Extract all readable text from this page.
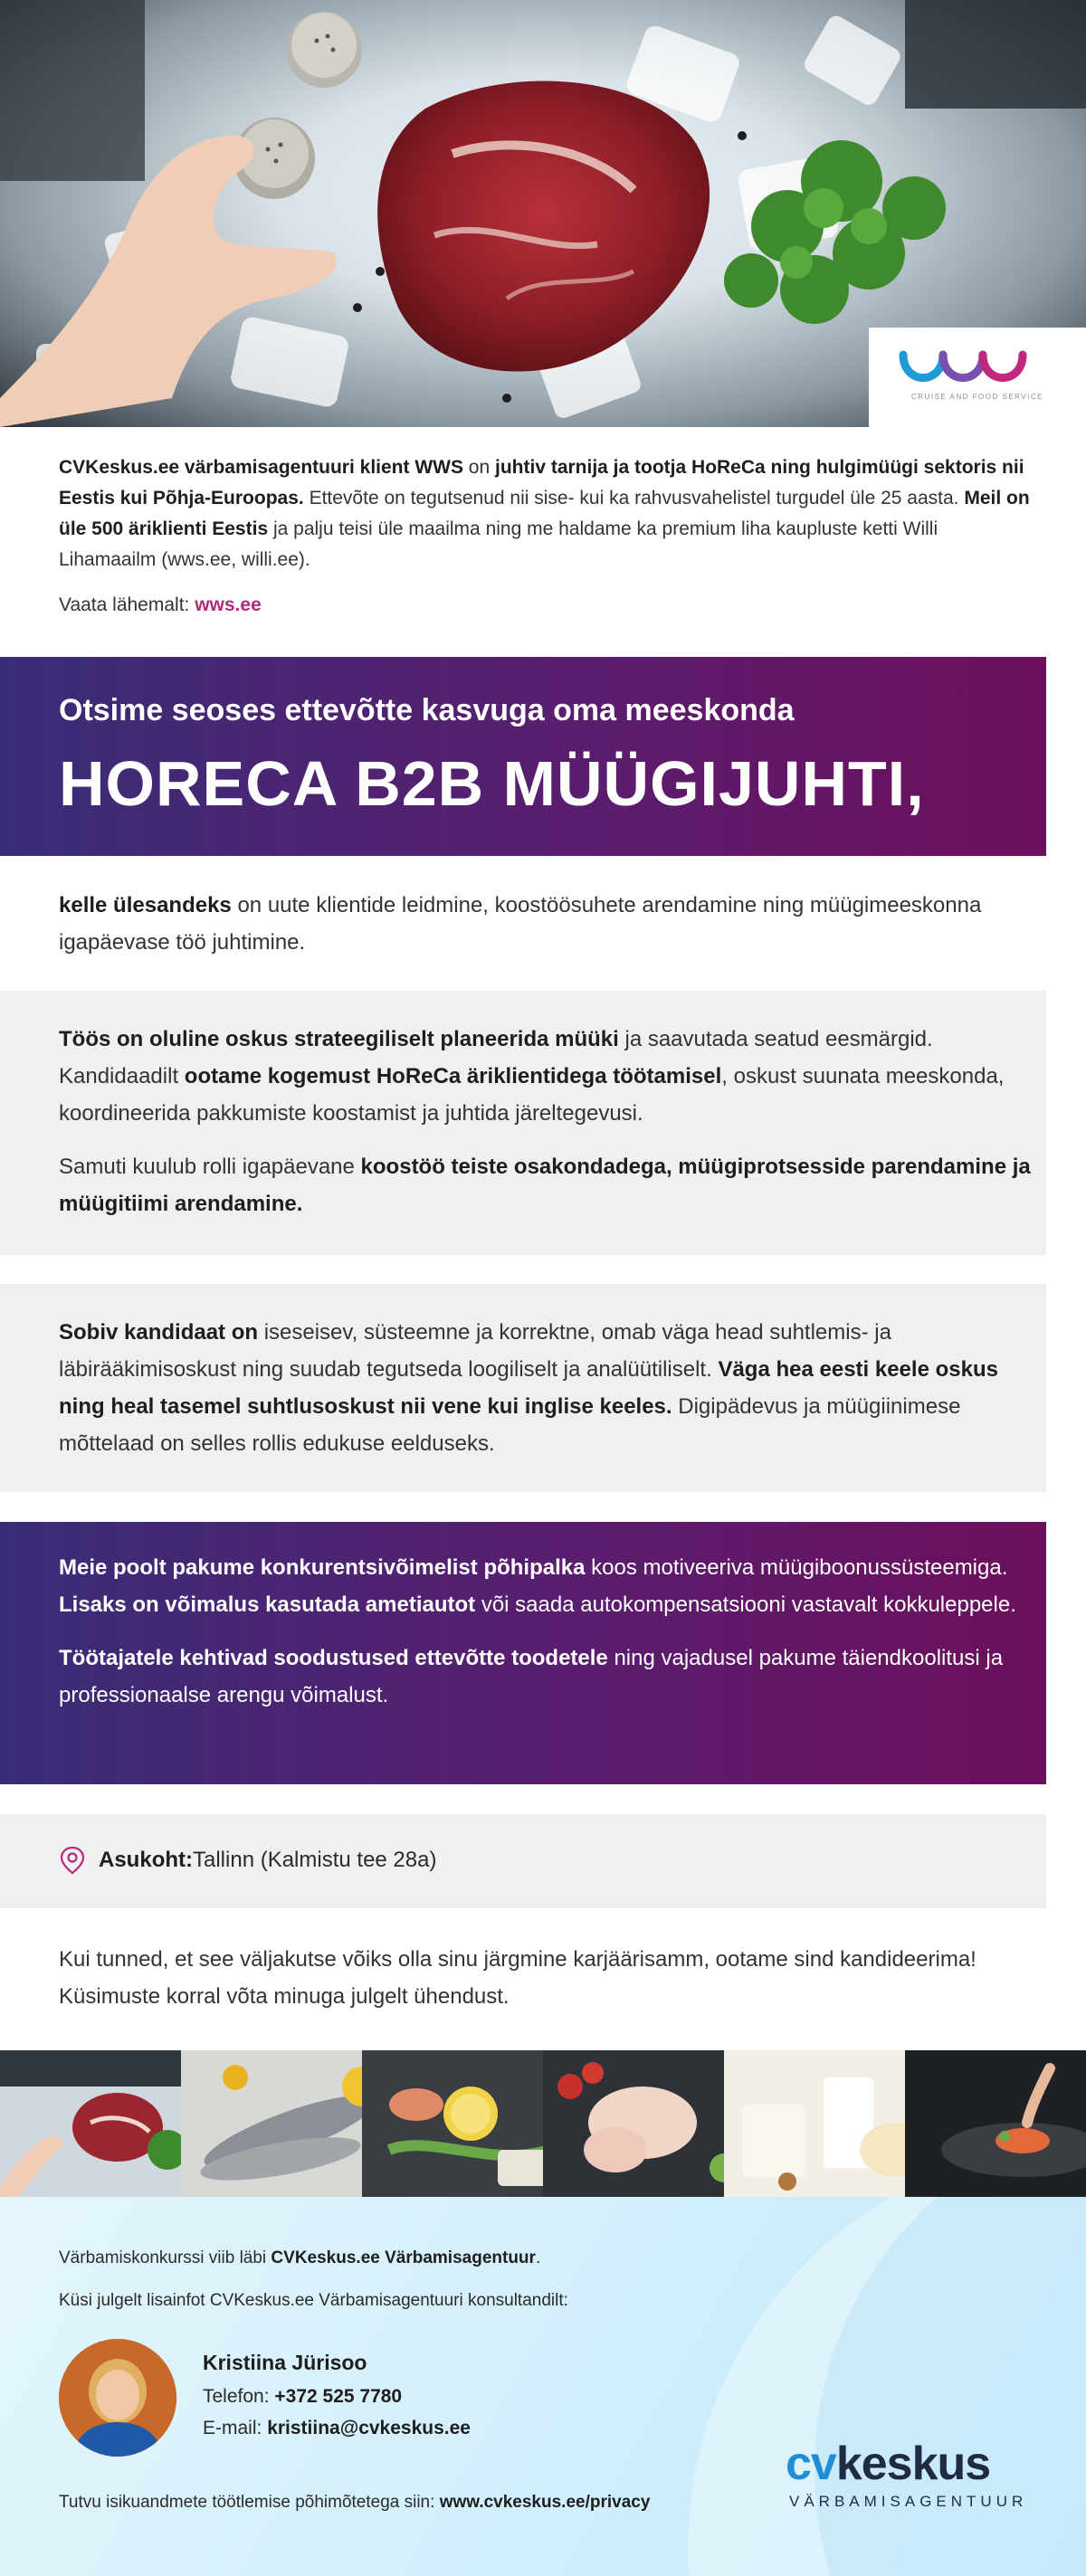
CRUISE AND FOOD SERVICE

CVKeskus.ee värbamisagentuuri klient WWS on juhtiv tarnija ja tootja HoReCa ning hulgimüügi sektoris nii Eestis kui Põhja-Euroopas. Ettevõte on tegutsenud nii sise- kui ka rahvusvahelistel turgudel üle 25 aasta. Meil on üle 500 äriklienti Eestis ja palju teisi üle maailma ning me haldame ka premium liha kaupluste ketti Willi Lihamaailm (wws.ee, willi.ee).

Vaata lähemalt: wws.ee

Otsime seoses ettevõtte kasvuga oma meeskonda
HORECA B2B MÜÜGIJUHTI,

kelle ülesandeks on uute klientide leidmine, koostöösuhete arendamine ning müügimeeskonna igapäevase töö juhtimine.

Töös on oluline oskus strateegiliselt planeerida müüki ja saavutada seatud eesmärgid. Kandidaadilt ootame kogemust HoReCa äriklientidega töötamisel, oskust suunata meeskonda, koordineerida pakkumiste koostamist ja juhtida järeltegevusi.

Samuti kuulub rolli igapäevane koostöö teiste osakondadega, müügiprotsesside parendamine ja müügitiimi arendamine.

Sobiv kandidaat on iseseisev, süsteemne ja korrektne, omab väga head suhtlemis- ja läbirääkimisoskust ning suudab tegutseda loogiliselt ja analüütiliselt. Väga hea eesti keele oskus ning heal tasemel suhtlusoskust nii vene kui inglise keeles. Digipädevus ja müügiinimese mõttelaad on selles rollis edukuse eelduseks.

Meie poolt pakume konkurentsivõimelist põhipalka koos motiveeriva müügiboonussüsteemiga. Lisaks on võimalus kasutada ametiautot või saada autokompensatsiooni vastavalt kokkuleppele.

Töötajatele kehtivad soodustused ettevõtte toodetele ning vajadusel pakume täiendkoolitusi ja professionaalse arengu võimalust.

Asukoht: Tallinn (Kalmistu tee 28a)

Kui tunned, et see väljakutse võiks olla sinu järgmine karjäärisamm, ootame sind kandideerima! Küsimuste korral võta minuga julgelt ühendust.

Värbamiskonkurssi viib läbi CVKeskus.ee Värbamisagentuur.
Küsi julgelt lisainfot CVKeskus.ee Värbamisagentuuri konsultandilt:
Kristiina Jürisoo
Telefon: +372 525 7780
E-mail: kristiina@cvkeskus.ee
Tutvu isikuandmete töötlemise põhimõtetega siin: www.cvkeskus.ee/privacy
cvkeskus
VÄRBAMISAGENTUUR
